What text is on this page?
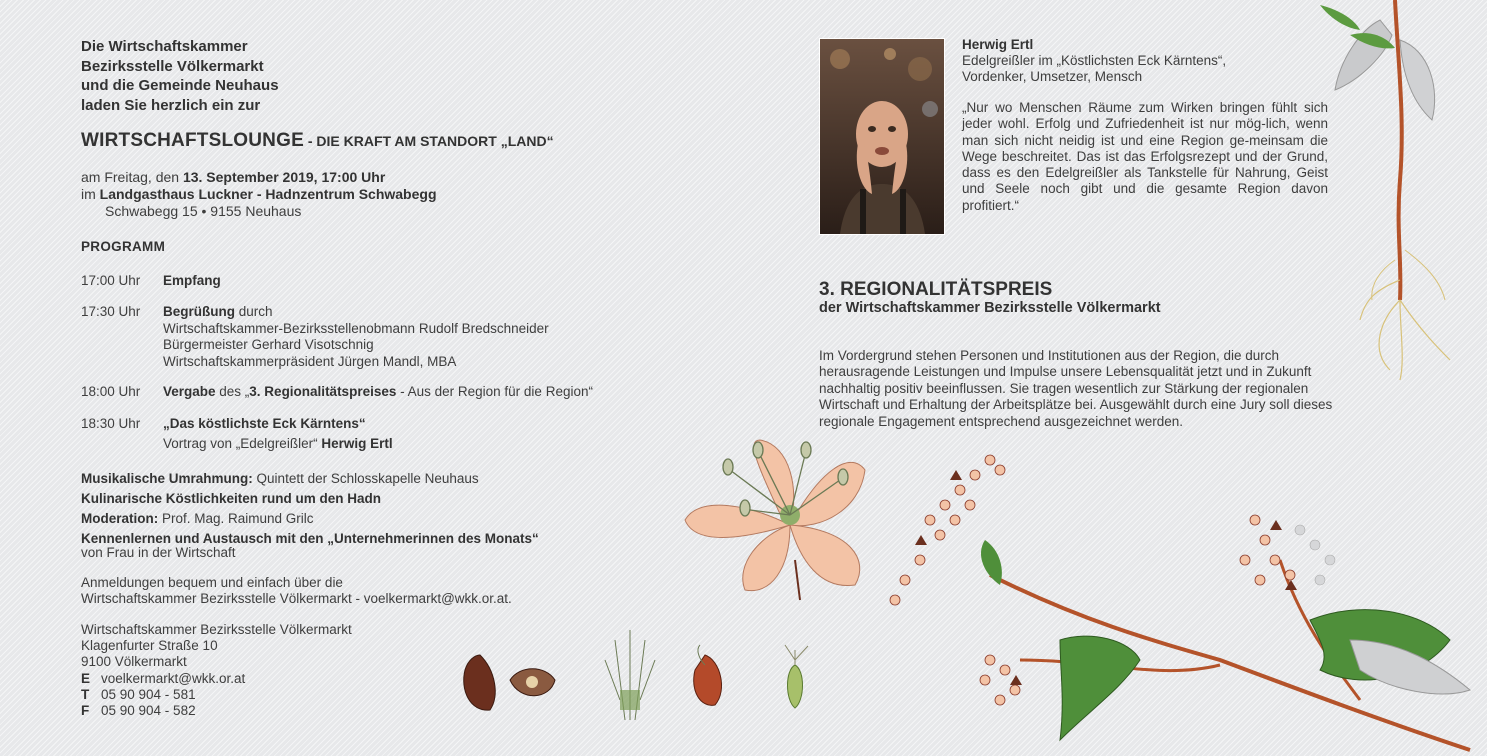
Die Wirtschaftskammer
Bezirksstelle Völkermarkt
und die Gemeinde Neuhaus
laden Sie herzlich ein zur
WIRTSCHAFTSLOUNGE - DIE KRAFT AM STANDORT „LAND“
am Freitag, den 13. September 2019, 17:00 Uhr
im Landgasthaus Luckner - Hadnzentrum Schwabegg
Schwabegg 15 • 9155 Neuhaus
PROGRAMM
17:00 Uhr	Empfang
17:30 Uhr	Begrüßung durch
Wirtschaftskammer-Bezirksstellenobmann Rudolf Bredschneider
Bürgermeister Gerhard Visotschnig
Wirtschaftskammerpräsident Jürgen Mandl, MBA
18:00 Uhr	Vergabe des „3. Regionalitätspreises - Aus der Region für die Region“
18:30 Uhr	„Das köstlichste Eck Kärntens“
Vortrag von „Edelgreißler“ Herwig Ertl
Musikalische Umrahmung: Quintett der Schlosskapelle Neuhaus
Kulinarische Köstlichkeiten rund um den Hadn
Moderation: Prof. Mag. Raimund Grilc
Kennenlernen und Austausch mit den „Unternehmerinnen des Monats“
von Frau in der Wirtschaft
Anmeldungen bequem und einfach über die
Wirtschaftskammer Bezirksstelle Völkermarkt - voelkermarkt@wkk.or.at.
Wirtschaftskammer Bezirksstelle Völkermarkt
Klagenfurter Straße 10
9100 Völkermarkt
E voelkermarkt@wkk.or.at
T 05 90 904 - 581
F 05 90 904 - 582
Herwig Ertl
Edelgreißler im „Köstlichsten Eck Kärntens“,
Vordenker, Umsetzer, Mensch
„Nur wo Menschen Räume zum Wirken bringen fühlt sich jeder wohl. Erfolg und Zufriedenheit ist nur mög-lich, wenn man sich nicht neidig ist und eine Region ge-meinsam die Wege beschreitet. Das ist das Erfolgsrezept und der Grund, dass es den Edelgreißler als Tankstelle für Nahrung, Geist und Seele noch gibt und die gesamte Region davon profitiert.“
3. REGIONALITÄTSPREIS
der Wirtschaftskammer Bezirksstelle Völkermarkt
Im Vordergrund stehen Personen und Institutionen aus der Region, die durch herausragende Leistungen und Impulse unsere Lebensqualität jetzt und in Zukunft nachhaltig positiv beeinflussen. Sie tragen wesentlich zur Stärkung der regionalen Wirtschaft und Erhaltung der Arbeitsplätze bei. Ausgewählt durch eine Jury soll dieses regionale Engagement entsprechend ausgezeichnet werden.
